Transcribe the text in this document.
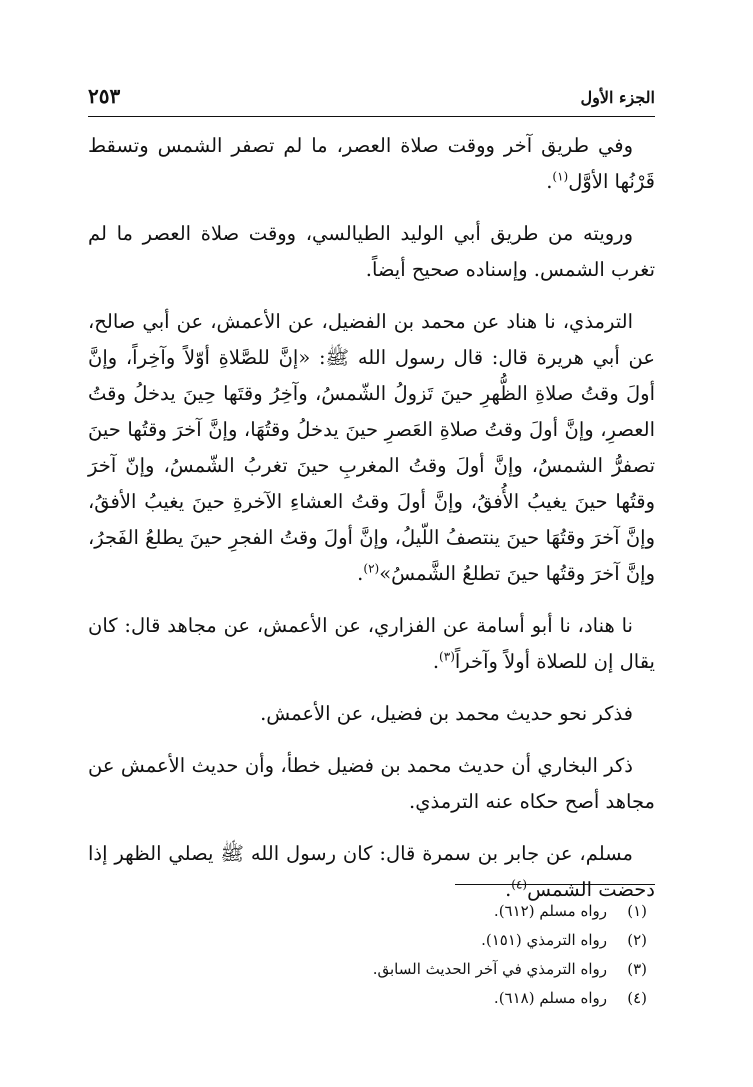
الجزء الأول
٢٥٣

وفي طريق آخر ووقت صلاة العصر، ما لم تصفر الشمس وتسقط قَرْنُها الأوَّل$^{(١)}$.

ورويته من طريق أبي الوليد الطيالسي، ووقت صلاة العصر ما لم تغرب الشمس. وإسناده صحيح أيضاً.

الترمذي، نا هناد عن محمد بن الفضيل، عن الأعمش، عن أبي صالح، عن أبي هريرة قال: قال رسول الله ﷺ: «إنَّ للصَّلاةِ أوّلاً وآخِراً، وإنَّ أولَ وقتُ صلاةِ الظُّهرِ حينَ تَزولُ الشّمسُ، وآخِرُ وقتَها حِينَ يدخلُ وقتُ العصرِ، وإنَّ أولَ وقتُ صلاةِ العَصرِ حينَ يدخلُ وقتُهَا، وإنَّ آخرَ وقتُها حينَ تصفرُّ الشمسُ، وإنَّ أولَ وقتُ المغربِ حينَ تغربُ الشّمسُ، وإنّ آخرَ وقتُها حينَ يغيبُ الأُفقُ، وإنَّ أولَ وقتُ العشاءِ الآخرةِ حينَ يغيبُ الأفقُ، وإنَّ آخرَ وقتُهَا حينَ ينتصفُ اللّيلُ، وإنَّ أولَ وقتُ الفجرِ حينَ يطلعُ الفَجرُ، وإنَّ آخرَ وقتُها حينَ تطلعُ الشَّمسُ»$^{(٢)}$.

نا هناد، نا أبو أسامة عن الفزاري، عن الأعمش، عن مجاهد قال: كان يقال إن للصلاة أولاً وآخراً$^{(٣)}$.

فذكر نحو حديث محمد بن فضيل، عن الأعمش.

ذكر البخاري أن حديث محمد بن فضيل خطأ، وأن حديث الأعمش عن مجاهد أصح حكاه عنه الترمذي.

مسلم، عن جابر بن سمرة قال: كان رسول الله ﷺ يصلي الظهر إذا دحضت الشمس$^{(٤)}$.

(١)
رواه مسلم (٦١٢).
(٢)
رواه الترمذي (١٥١).
(٣)
رواه الترمذي في آخر الحديث السابق.
(٤)
رواه مسلم (٦١٨).
